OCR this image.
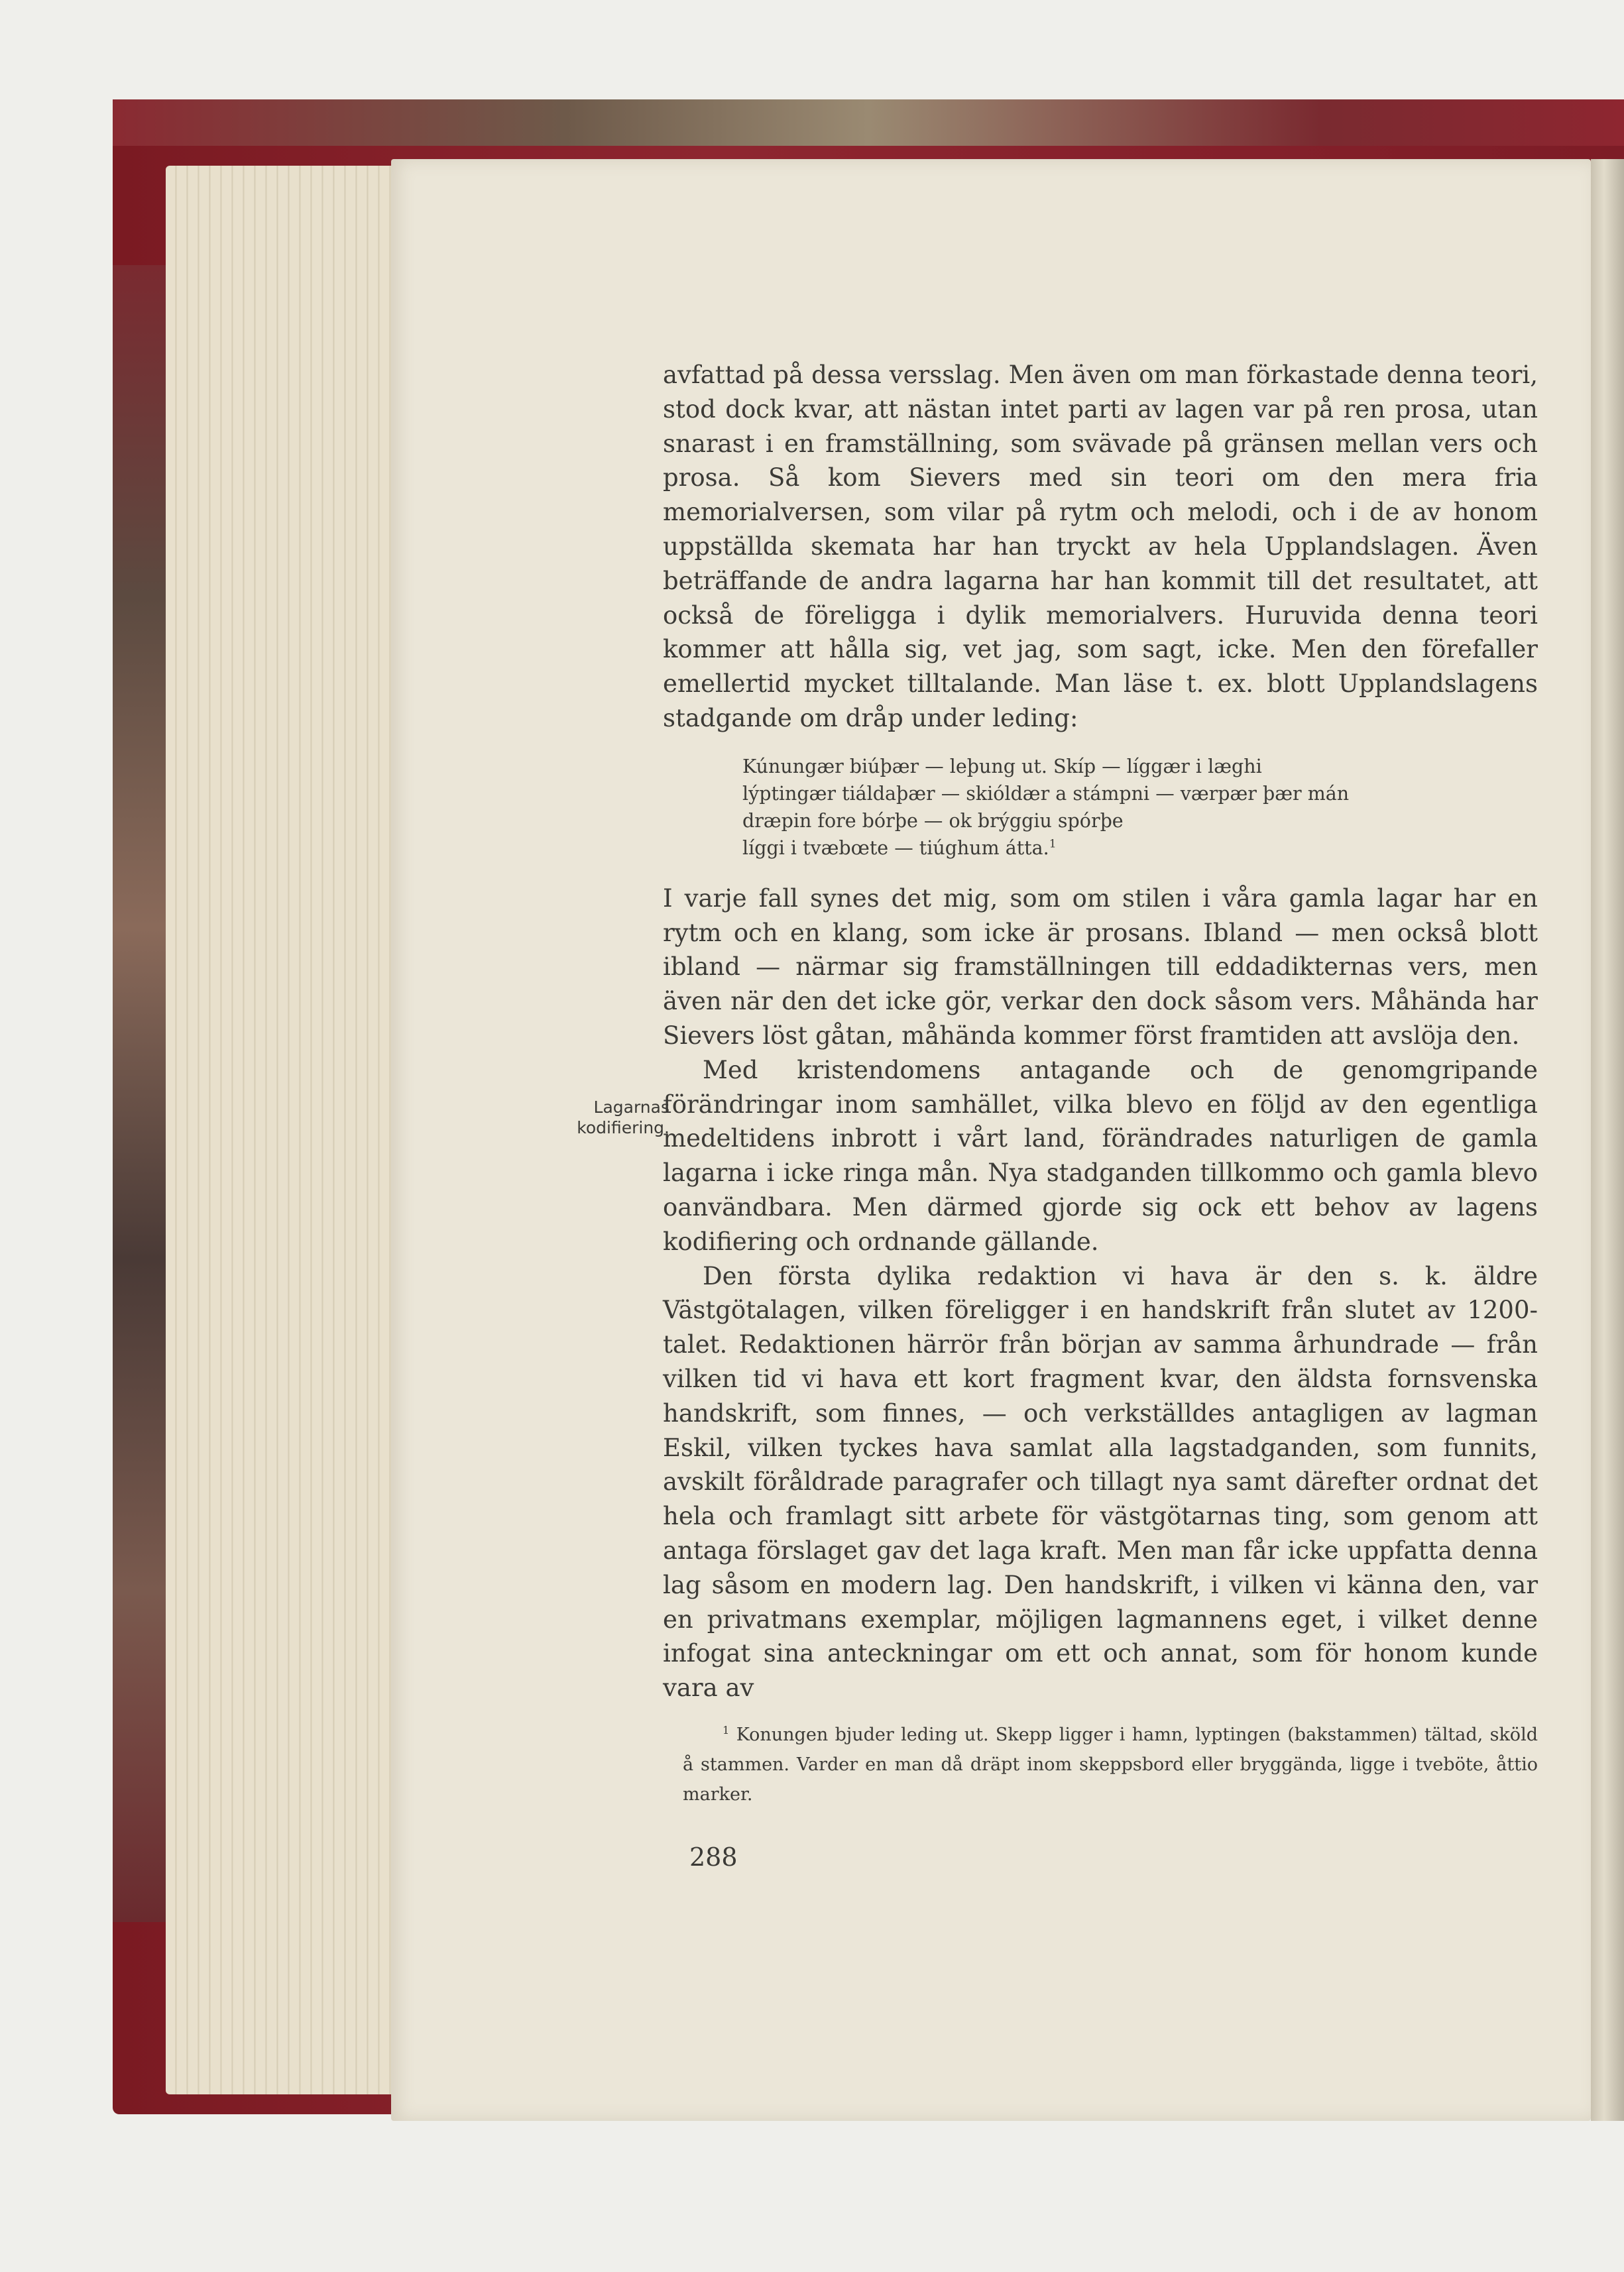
avfattad på dessa versslag. Men även om man förkastade denna teori, stod dock kvar, att nästan intet parti av lagen var på ren prosa, utan snarast i en framställning, som svävade på gränsen mellan vers och prosa. Så kom Sievers med sin teori om den mera fria memorialversen, som vilar på rytm och melodi, och i de av honom uppställda skemata har han tryckt av hela Upplandslagen. Även beträffande de andra lagarna har han kommit till det resultatet, att också de föreligga i dylik memorialvers. Huruvida denna teori kommer att hålla sig, vet jag, som sagt, icke. Men den förefaller emellertid mycket tilltalande. Man läse t. ex. blott Upplandslagens stadgande om dråp under leding:

Kúnungær biúþær — leþung ut. Skíp — líggær i læghi
lýptingær tiáldaþær — skióldær a stámpni — værpær þær mán
dræpin fore bórþe — ok brýggiu spórþe
líggi i tvæbœte — tiúghum átta.$^1$

I varje fall synes det mig, som om stilen i våra gamla lagar har en rytm och en klang, som icke är prosans. Ibland — men också blott ibland — närmar sig framställningen till eddadikternas vers, men även när den det icke gör, verkar den dock såsom vers. Måhända har Sievers löst gåtan, måhända kommer först framtiden att avslöja den.

Med kristendomens antagande och de genomgripande förändringar inom samhället, vilka blevo en följd av den egentliga medeltidens inbrott i vårt land, förändrades naturligen de gamla lagarna i icke ringa mån. Nya stadganden tillkommo och gamla blevo oanvändbara. Men därmed gjorde sig ock ett behov av lagens kodifiering och ordnande gällande.

Den första dylika redaktion vi hava är den s. k. äldre Västgötalagen, vilken föreligger i en handskrift från slutet av 1200-talet. Redaktionen härrör från början av samma århundrade — från vilken tid vi hava ett kort fragment kvar, den äldsta fornsvenska handskrift, som finnes, — och verkställdes antagligen av lagman Eskil, vilken tyckes hava samlat alla lagstadganden, som funnits, avskilt föråldrade paragrafer och tillagt nya samt därefter ordnat det hela och framlagt sitt arbete för västgötarnas ting, som genom att antaga förslaget gav det laga kraft. Men man får icke uppfatta denna lag såsom en modern lag. Den handskrift, i vilken vi känna den, var en privatmans exemplar, möjligen lagmannens eget, i vilket denne infogat sina anteckningar om ett och annat, som för honom kunde vara av

Lagarnas
kodifiering.

$^1$ Konungen bjuder leding ut. Skepp ligger i hamn, lyptingen (bakstammen) tältad, sköld å stammen. Varder en man då dräpt inom skeppsbord eller bryggända, ligge i tveböte, åttio marker.

288
